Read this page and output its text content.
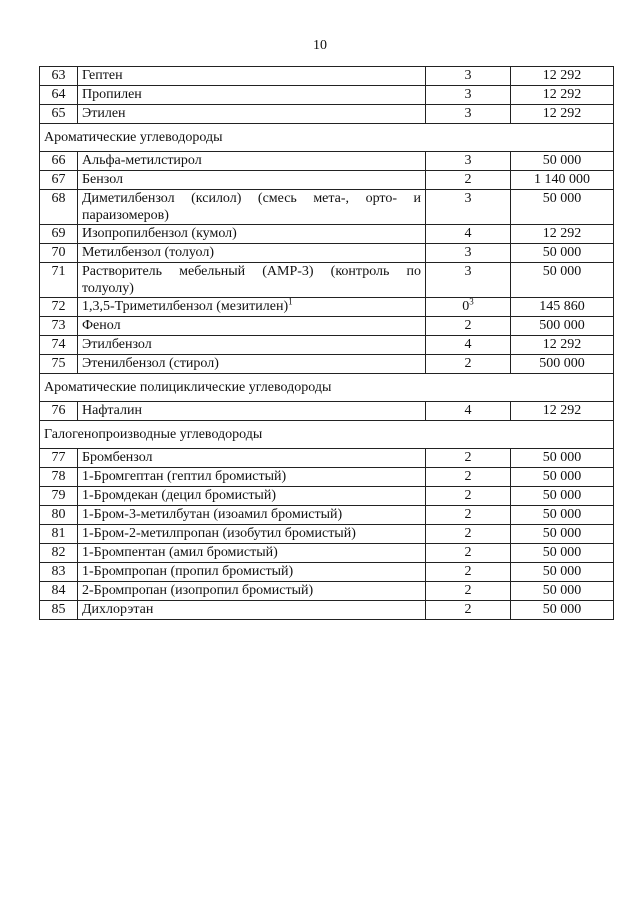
10
63	Гептен	3	12 292
64	Пропилен	3	12 292
65	Этилен	3	12 292
Ароматические углеводороды			
66	Альфа-метилстирол	3	50 000
67	Бензол	2	1 140 000
68	Диметилбензол (ксилол) (смесь мета-, орто- и параизомеров)	3	50 000
69	Изопропилбензол (кумол)	4	12 292
70	Метилбензол (толуол)	3	50 000
71	Растворитель мебельный (АМР-3) (контроль по толуолу)	3	50 000
72	1,3,5-Триметилбензол (мезитилен)$^1$	$0^3$	145 860
73	Фенол	2	500 000
74	Этилбензол	4	12 292
75	Этенилбензол (стирол)	2	500 000
Ароматические полициклические углеводороды			
76	Нафталин	4	12 292
Галогенопроизводные углеводороды			
77	Бромбензол	2	50 000
78	1-Бромгептан (гептил бромистый)	2	50 000
79	1-Бромдекан (децил бромистый)	2	50 000
80	1-Бром-3-метилбутан (изоамил бромистый)	2	50 000
81	1-Бром-2-метилпропан (изобутил бромистый)	2	50 000
82	1-Бромпентан (амил бромистый)	2	50 000
83	1-Бромпропан (пропил бромистый)	2	50 000
84	2-Бромпропан (изопропил бромистый)	2	50 000
85	Дихлорэтан	2	50 000
